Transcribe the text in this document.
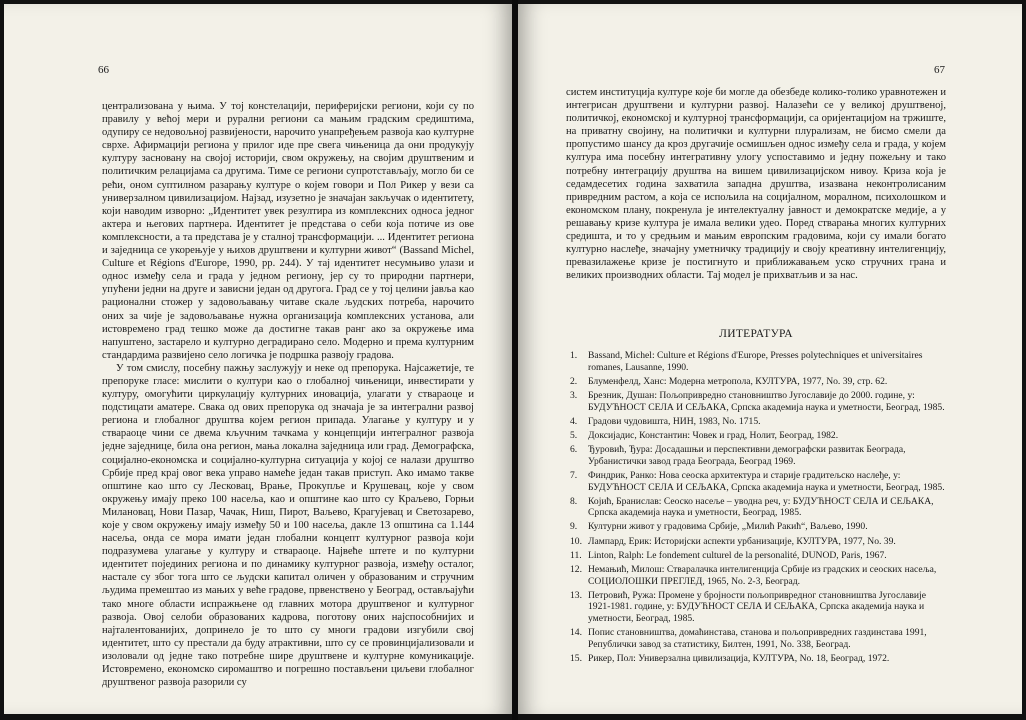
66

централизована у њима. У тој констелацији, периферијски региони, који су по правилу у већој мери и рурални региони са мањим градским средиштима, одупиру се недовољној развијености, нарочито унапређењем развоја као културне сврхе. Афирмацији региона у прилог иде пре свега чињеница да они продукују културу засновану на својој историји, свом окружењу, на својим друштвеним и политичким релацијама са другима. Тиме се региони супротстављају, могло би се рећи, оном суптилном разарању културе о којем говори и Пол Рикер у вези са универзалном цивилизацијом. Најзад, изузетно је значајан закључак о идентитету, који наводим изворно: „Идентитет увек резултира из комплексних односа једног актера и његових партнера. Идентитет је представа о себи која потиче из ове комплексности, а та представа је у сталној трансформацији. ... Идентитет региона и заједница се укорењује у њихов друштвени и културни живот“ (Bassand Michel, Culture et Régions d'Europe, 1990, pp. 244). У тај идентитет несумњиво улази и однос између села и града у једном региону, јер су то природни партнери, упућени једни на друге и зависни један од другога. Град се у тој целини јавља као рационални стожер у задовољавању читаве скале људских потреба, нарочито оних за чије је задовољавање нужна организација комплексних установа, али истовремено град тешко може да достигне такав ранг ако за окружење има напуштено, застарело и културно деградирано село. Модерно и према културним стандардима развијено село логичка је подршка развоју градова.

У том смислу, посебну пажњу заслужују и неке од препорука. Најсажетије, те препоруке гласе: мислити о култури као о глобалној чињеници, инвестирати у културу, омогућити циркулацију културних иновација, улагати у ствараоце и подстицати аматере. Свака од ових препорука од значаја је за интегрални развој региона и глобалног друштва којем регион припада. Улагање у културу и у ствараоце чини се двема кључним тачкама у концепцији интегралног развоја једне заједнице, била она регион, мања локална заједница или град. Демографска, социјално-економска и социјално-културна ситуација у којој се налази друштво Србије пред крај овог века управо намеће један такав приступ. Ако имамо такве општине као што су Лесковац, Врање, Прокупље и Крушевац, које у свом окружењу имају преко 100 насеља, као и општине као што су Краљево, Горњи Милановац, Нови Пазар, Чачак, Ниш, Пирот, Ваљево, Крагујевац и Светозарево, које у свом окружењу имају између 50 и 100 насеља, дакле 13 општина са 1.144 насеља, онда се мора имати један глобални концепт културног развоја који подразумева улагање у културу и ствараоце. Највеће штете и по културни идентитет појединих региона и по динамику културног развоја, између осталог, настале су због тога што се људски капитал оличен у образованим и стручним људима премештао из мањих у веће градове, првенствено у Београд, остављајући тако многе области испражњене од главних мотора друштвеног и културног развоја. Овој селоби образованих кадрова, поготову оних најспособнијих и најталентованијих, допринело је то што су многи градови изгубили свој идентитет, што су престали да буду атрактивни, што су се провинцијализовали и изоловали од једне тако потребне шире друштвене и културне комуникације. Истовремено, економско сиромаштво и погрешно постављени циљеви глобалног друштвеног развоја разорили су

67

систем институција културе које би могле да обезбеде колико-толико уравнотежен и интегрисан друштвени и културни развој. Налазећи се у великој друштвеној, политичкој, економској и културној трансформацији, са оријентацијом на тржиште, на приватну својину, на политички и културни плурализам, не бисмо смели да пропустимо шансу да кроз другачије осмишљен однос између села и града, у којем култура има посебну интегративну улогу успоставимо и једну пожељну и тако потребну интеграцију друштва на вишем цивилизацијском нивоу. Криза која је седамдесетих година захватила западна друштва, изазвана неконтролисаним привредним растом, а која се испољила на социјалном, моралном, психолошком и економском плану, покренула је интелектуалну јавност и демократске медије, а у решавању кризе култура је имала велики удео. Поред стварања многих културних средишта, и то у средњим и мањим европским градовима, који су имали богато културно наслеђе, значајну уметничку традицију и своју креативну интелигенцију, превазилажење кризе је постигнуто и приближавањем уско стручних грана и великих производних области. Тај модел је прихватљив и за нас.

ЛИТЕРАТУРА
1.	Bassand, Michel: Culture et Régions d'Europe, Presses polytechniques et universitaires romanes, Lausanne, 1990.
2.	Блуменфелд, Ханс: Модерна метропола, КУЛТУРА, 1977, No. 39, стр. 62.
3.	Брезник, Душан: Пољопривредно становништво Југославије до 2000. године, у: БУДУЋНОСТ СЕЛА И СЕЉАКА, Српска академија наука и уметности, Београд, 1985.
4.	Градови чудовишта, НИН, 1983, No. 1715.
5.	Доксијадис, Константин: Човек и град, Нолит, Београд, 1982.
6.	Ђуровић, Ђура: Досадашњи и перспективни демографски развитак Београда, Урбанистички завод града Београда, Београд 1969.
7.	Финдрик, Ранко: Нова сеоска архитектура и старије градитељско наслеђе, у: БУДУЋНОСТ СЕЛА И СЕЉАКА, Српска академија наука и уметности, Београд, 1985.
8.	Којић, Бранислав: Сеоско насеље – уводна реч, у: БУДУЋНОСТ СЕЛА И СЕЉАКА, Српска академија наука и уметности, Београд, 1985.
9.	Културни живот у градовима Србије, „Милић Ракић“, Ваљево, 1990.
10. Лампард, Ерик: Историјски аспекти урбанизације, КУЛТУРА, 1977, No. 39.
11. Linton, Ralph: Le fondement culturel de la personalité, DUNOD, Paris, 1967.
12. Немањић, Милош: Стваралачка интелигенција Србије из градских и сеоских насеља, СОЦИОЛОШКИ ПРЕГЛЕД, 1965, No. 2-3, Београд.
13. Петровић, Ружа: Промене у бројности пољопривредног становништва Југославије 1921-1981. године, у: БУДУЋНОСТ СЕЛА И СЕЉАКА, Српска академија наука и уметности, Београд, 1985.
14. Попис становништва, домаћинстава, станова и пољопривредних газдинстава 1991, Републички завод за статистику, Билтен, 1991, No. 338, Београд.
15. Рикер, Пол: Универзална цивилизација, КУЛТУРА, No. 18, Београд, 1972.
